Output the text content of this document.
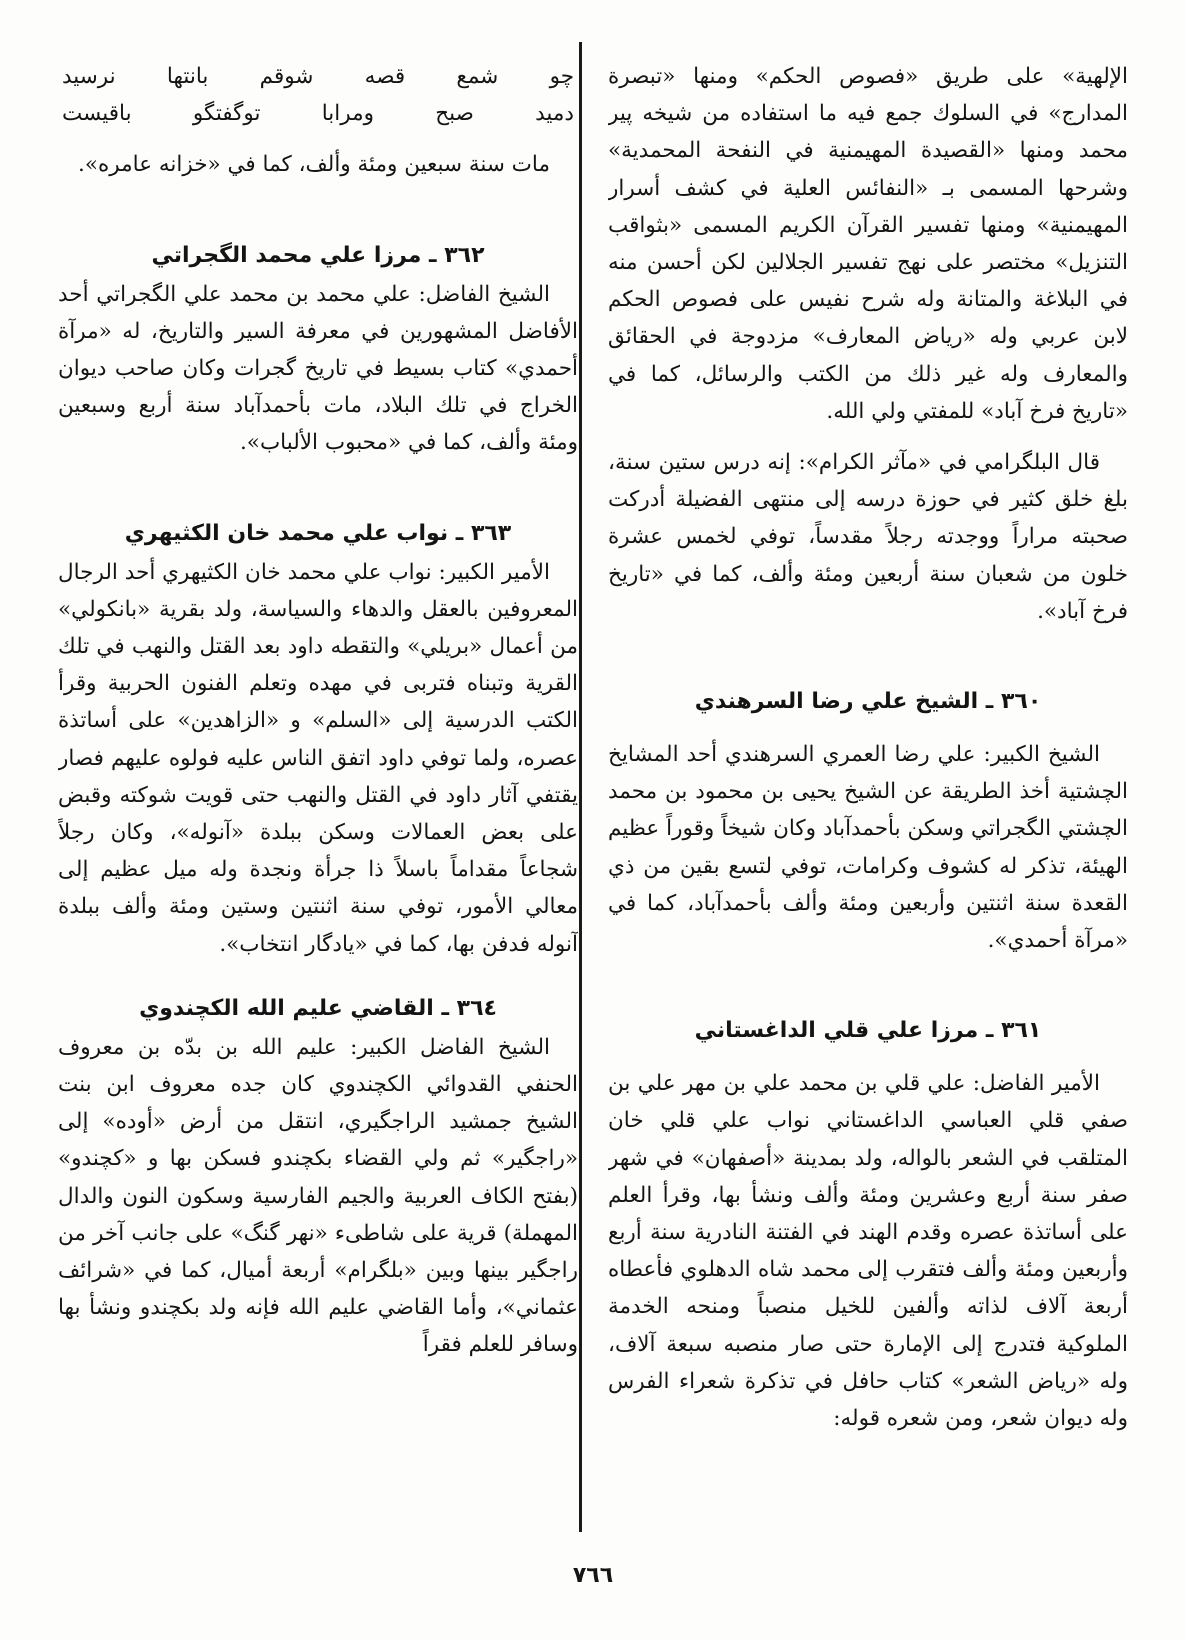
الإلهية» على طريق «فصوص الحكم» ومنها «تبصرة المدارج» في السلوك جمع فيه ما استفاده من شيخه پير محمد ومنها «القصيدة المهيمنية في النفحة المحمدية» وشرحها المسمى بـ «النفائس العلية في كشف أسرار المهيمنية» ومنها تفسير القرآن الكريم المسمى «بثواقب التنزيل» مختصر على نهج تفسير الجلالين لكن أحسن منه في البلاغة والمتانة وله شرح نفيس على فصوص الحكم لابن عربي وله «رياض المعارف» مزدوجة في الحقائق والمعارف وله غير ذلك من الكتب والرسائل، كما في «تاريخ فرخ آباد» للمفتي ولي الله.

قال البلگرامي في «مآثر الكرام»: إنه درس ستين سنة، بلغ خلق كثير في حوزة درسه إلى منتهى الفضيلة أدركت صحبته مراراً ووجدته رجلاً مقدساً، توفي لخمس عشرة خلون من شعبان سنة أربعين ومئة وألف، كما في «تاريخ فرخ آباد».

٣٦٠ ـ الشيخ علي رضا السرهندي

الشيخ الكبير: علي رضا العمري السرهندي أحد المشايخ الچشتية أخذ الطريقة عن الشيخ يحيى بن محمود بن محمد الچشتي الگجراتي وسكن بأحمدآباد وكان شيخاً وقوراً عظيم الهيئة، تذكر له كشوف وكرامات، توفي لتسع بقين من ذي القعدة سنة اثنتين وأربعين ومئة وألف بأحمدآباد، كما في «مرآة أحمدي».

٣٦١ ـ مرزا علي قلي الداغستاني

الأمير الفاضل: علي قلي بن محمد علي بن مهر علي بن صفي قلي العباسي الداغستاني نواب علي قلي خان المتلقب في الشعر بالواله، ولد بمدينة «أصفهان» في شهر صفر سنة أربع وعشرين ومئة وألف ونشأ بها، وقرأ العلم على أساتذة عصره وقدم الهند في الفتنة النادرية سنة أربع وأربعين ومئة وألف فتقرب إلى محمد شاه الدهلوي فأعطاه أربعة آلاف لذاته وألفين للخيل منصباً ومنحه الخدمة الملوكية فتدرج إلى الإمارة حتى صار منصبه سبعة آلاف، وله «رياض الشعر» كتاب حافل في تذكرة شعراء الفرس وله ديوان شعر، ومن شعره قوله:

چو شمع قصه شوقم بانتها نرسيد
دميد صبح ومرابا توگفتگو باقيست

مات سنة سبعين ومئة وألف، كما في «خزانه عامره».

٣٦٢ ـ مرزا علي محمد الگجراتي

الشيخ الفاضل: علي محمد بن محمد علي الگجراتي أحد الأفاضل المشهورين في معرفة السير والتاريخ، له «مرآة أحمدي» كتاب بسيط في تاريخ گجرات وكان صاحب ديوان الخراج في تلك البلاد، مات بأحمدآباد سنة أربع وسبعين ومئة وألف، كما في «محبوب الألباب».

٣٦٣ ـ نواب علي محمد خان الكثيهري

الأمير الكبير: نواب علي محمد خان الكثيهري أحد الرجال المعروفين بالعقل والدهاء والسياسة، ولد بقرية «بانكولي» من أعمال «بريلي» والتقطه داود بعد القتل والنهب في تلك القرية وتبناه فتربى في مهده وتعلم الفنون الحربية وقرأ الكتب الدرسية إلى «السلم» و «الزاهدين» على أساتذة عصره، ولما توفي داود اتفق الناس عليه فولوه عليهم فصار يقتفي آثار داود في القتل والنهب حتى قويت شوكته وقبض على بعض العمالات وسكن ببلدة «آنوله»، وكان رجلاً شجاعاً مقداماً باسلاً ذا جرأة ونجدة وله ميل عظيم إلى معالي الأمور، توفي سنة اثنتين وستين ومئة وألف ببلدة آنوله فدفن بها، كما في «يادگار انتخاب».

٣٦٤ ـ القاضي عليم الله الكچندوي

الشيخ الفاضل الكبير: عليم الله بن بدّه بن معروف الحنفي القدوائي الكچندوي كان جده معروف ابن بنت الشيخ جمشيد الراجگيري، انتقل من أرض «أوده» إلى «راجگير» ثم ولي القضاء بكچندو فسكن بها و «كچندو» (بفتح الكاف العربية والجيم الفارسية وسكون النون والدال المهملة) قرية على شاطىء «نهر گنگ» على جانب آخر من راجگير بينها وبين «بلگرام» أربعة أميال، كما في «شرائف عثماني»، وأما القاضي عليم الله فإنه ولد بكچندو ونشأ بها وسافر للعلم فقراً

٧٦٦
